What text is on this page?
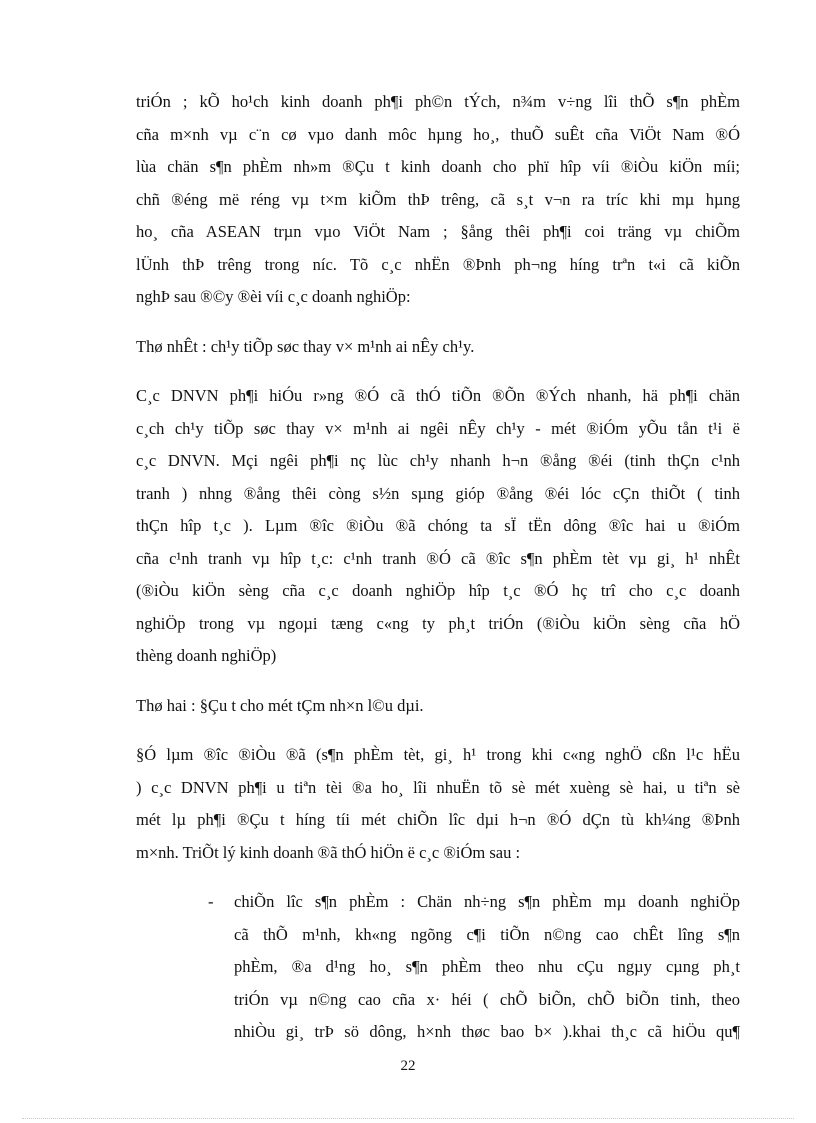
triÓn ; kÕ ho¹ch kinh doanh ph¶i ph©n tÝch, n¾m v÷ng lîi thÕ s¶n phÈm
cña m×nh vµ c¨n cø vµo danh môc hµng ho¸, thuÕ suÊt cña ViÖt Nam ®Ó
lùa chän s¶n phÈm nh»m ®Çu t kinh doanh cho phï hîp víi ®iÒu kiÖn míi;
chñ ®éng më réng vµ t×m kiÕm thÞ trêng, cã s¸t v¬n ra tríc khi mµ hµng
ho¸ cña ASEAN trµn vµo ViÖt Nam ; §ång thêi ph¶i coi träng vµ chiÕm
lÜnh thÞ trêng trong níc. Tõ c¸c nhËn ®Þnh ph¬ng híng trªn t«i cã kiÕn
nghÞ sau ®©y ®èi víi c¸c doanh nghiÖp:

Thø nhÊt : ch¹y tiÕp søc thay v× m¹nh ai nÊy ch¹y.

C¸c DNVN ph¶i hiÓu r»ng ®Ó cã thÓ tiÕn ®Õn ®Ých nhanh, hä ph¶i chän
c¸ch ch¹y tiÕp søc thay v× m¹nh ai ngêi nÊy ch¹y - mét ®iÓm yÕu tån t¹i ë
c¸c DNVN. Mçi ngêi ph¶i nç lùc ch¹y nhanh h¬n ®ång ®éi (tinh thÇn c¹nh
tranh ) nhng ®ång thêi còng s½n sµng gióp ®ång ®éi lóc cÇn thiÕt ( tinh
thÇn hîp t¸c ). Lµm ®îc ®iÒu ®ã chóng ta sÏ tËn dông ®îc hai u ®iÓm
cña c¹nh tranh vµ hîp t¸c: c¹nh tranh ®Ó cã ®îc s¶n phÈm tèt vµ gi¸ h¹ nhÊt
(®iÒu kiÖn sèng cña c¸c doanh nghiÖp hîp t¸c ®Ó hç trî cho c¸c doanh
nghiÖp trong vµ ngoµi tæng c«ng ty ph¸t triÓn (®iÒu kiÖn sèng cña hÖ
thèng doanh nghiÖp)

Thø hai : §Çu t cho mét tÇm nh×n l©u dµi.

§Ó lµm ®îc ®iÒu ®ã (s¶n phÈm tèt, gi¸ h¹ trong khi c«ng nghÖ cßn l¹c hËu
) c¸c DNVN ph¶i u tiªn tèi ®a ho¸ lîi nhuËn tõ sè mét xuèng sè hai, u tiªn sè
mét lµ ph¶i ®Çu t híng tíi mét chiÕn lîc dµi h¬n ®Ó dÇn tù kh¼ng ®Þnh
m×nh. TriÕt lý kinh doanh ®ã thÓ hiÖn ë c¸c ®iÓm sau :

- chiÕn lîc s¶n phÈm : Chän nh÷ng s¶n phÈm mµ doanh nghiÖp
cã thÕ m¹nh, kh«ng ngõng c¶i tiÕn n©ng cao chÊt lîng s¶n
phÈm, ®a d¹ng ho¸ s¶n phÈm theo nhu cÇu ngµy cµng ph¸t
triÓn vµ n©ng cao cña x· héi ( chÕ biÕn, chÕ biÕn tinh, theo
nhiÒu gi¸ trÞ sö dông, h×nh thøc bao b× ).khai th¸c cã hiÖu qu¶

22
